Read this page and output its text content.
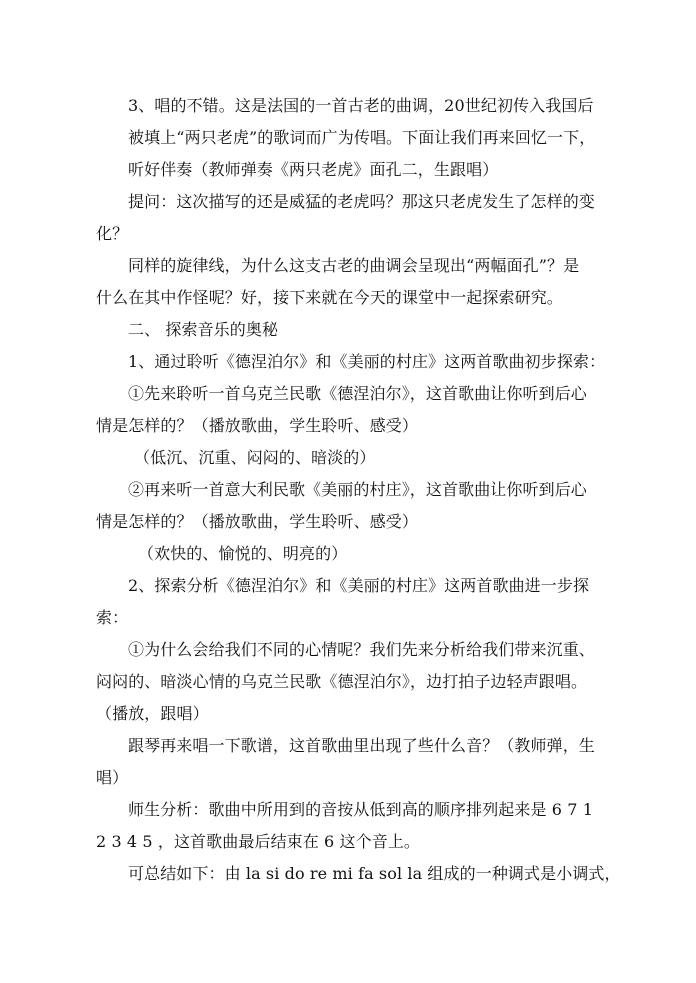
3、唱的不错。这是法国的一首古老的曲调，20世纪初传入我国后
被填上“两只老虎”的歌词而广为传唱。下面让我们再来回忆一下，
听好伴奏（教师弹奏《两只老虎》面孔二，生跟唱）
提问：这次描写的还是威猛的老虎吗？那这只老虎发生了怎样的变
化？
同样的旋律线，为什么这支古老的曲调会呈现出“两幅面孔”？是
什么在其中作怪呢？好，接下来就在今天的课堂中一起探索研究。
二、 探索音乐的奥秘
1、通过聆听《德涅泊尔》和《美丽的村庄》这两首歌曲初步探索：
①先来聆听一首乌克兰民歌《德涅泊尔》，这首歌曲让你听到后心
情是怎样的？（播放歌曲，学生聆听、感受）
（低沉、沉重、闷闷的、暗淡的）
②再来听一首意大利民歌《美丽的村庄》，这首歌曲让你听到后心
情是怎样的？（播放歌曲，学生聆听、感受）
（欢快的、愉悦的、明亮的）
2、探索分析《德涅泊尔》和《美丽的村庄》这两首歌曲进一步探
索：
①为什么会给我们不同的心情呢？我们先来分析给我们带来沉重、
闷闷的、暗淡心情的乌克兰民歌《德涅泊尔》，边打拍子边轻声跟唱。
（播放，跟唱）
跟琴再来唱一下歌谱，这首歌曲里出现了些什么音？（教师弹，生
唱）
师生分析：歌曲中所用到的音按从低到高的顺序排列起来是 6 7 1
2 3 4 5 ，这首歌曲最后结束在 6 这个音上。
可总结如下：由 la si do re mi fa sol la 组成的一种调式是小调式，
